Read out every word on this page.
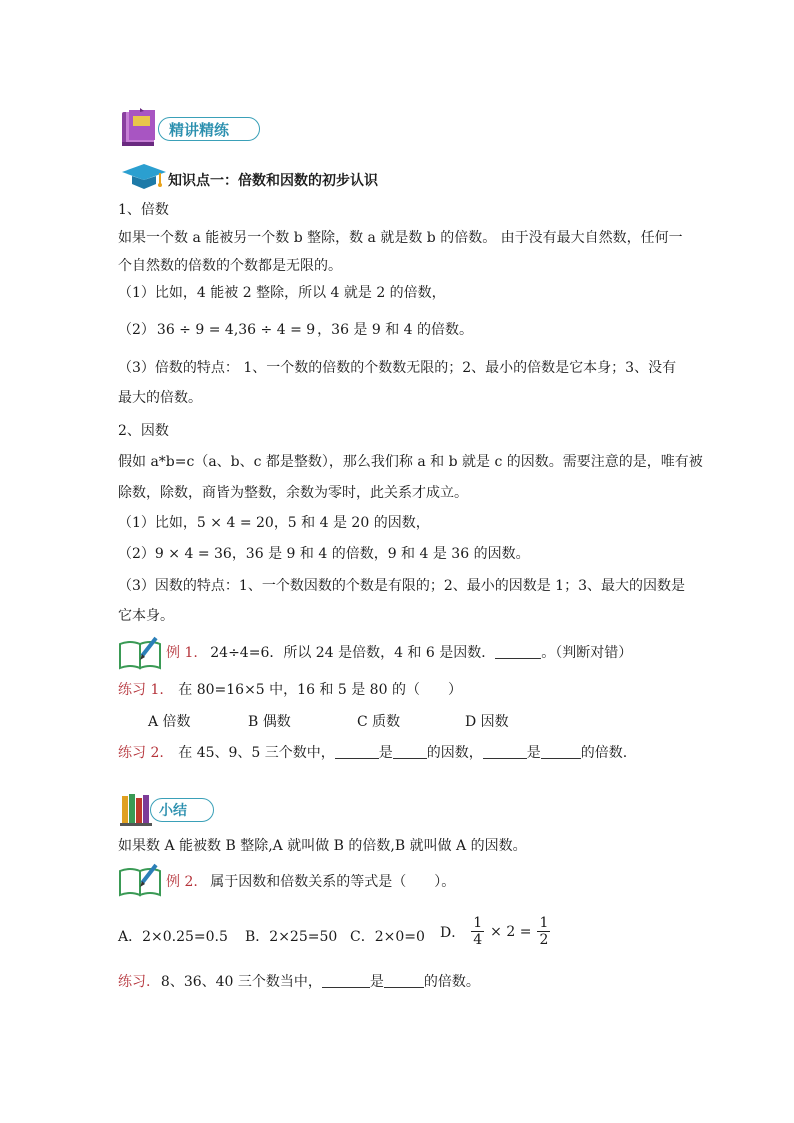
精讲精练
知识点一：倍数和因数的初步认识
1、倍数
如果一个数 a 能被另一个数 b 整除，数 a 就是数 b 的倍数。 由于没有最大自然数，任何一
个自然数的倍数的个数都是无限的。
（1）比如，4 能被 2 整除，所以 4 就是 2 的倍数，
（2） 36 ÷ 9 = 4,36 ÷ 4 = 9 ，36 是 9 和 4 的倍数。
（3）倍数的特点： 1、一个数的倍数的个数数无限的；2、最小的倍数是它本身；3、没有
最大的倍数。
2、因数
假如 a*b=c（a、b、c 都是整数），那么我们称 a 和 b 就是 c 的因数。需要注意的是，唯有被
除数，除数，商皆为整数，余数为零时，此关系才成立。
（1）比如，5 × 4 = 20，5 和 4 是 20 的因数，
（2）9 × 4 = 36，36 是 9 和 4 的倍数，9 和 4 是 36 的因数。
（3）因数的特点：1、一个数因数的个数是有限的；2、最小的因数是 1；3、最大的因数是
它本身。
例 1. 24÷4=6．所以 24 是倍数，4 和 6 是因数．	。（判断对错）
练习 1. 在 80=16×5 中，16 和 5 是 80 的（　　）
A 倍数	B 偶数	C 质数	D 因数
练习 2. 在 45、9、5 三个数中，	是 的因数，	是	的倍数.
小结
如果数 A 能被数 B 整除,A 就叫做 B 的倍数,B 就叫做 A 的因数。
例 2. 属于因数和倍数关系的等式是（　　）。
A．2×0.25=0.5 B．2×25=50 C．2×0=0 D． $\frac{1}{4} \times 2 = \frac{1}{2}$
练习. 8、36、40 三个数当中，	是	的倍数。
